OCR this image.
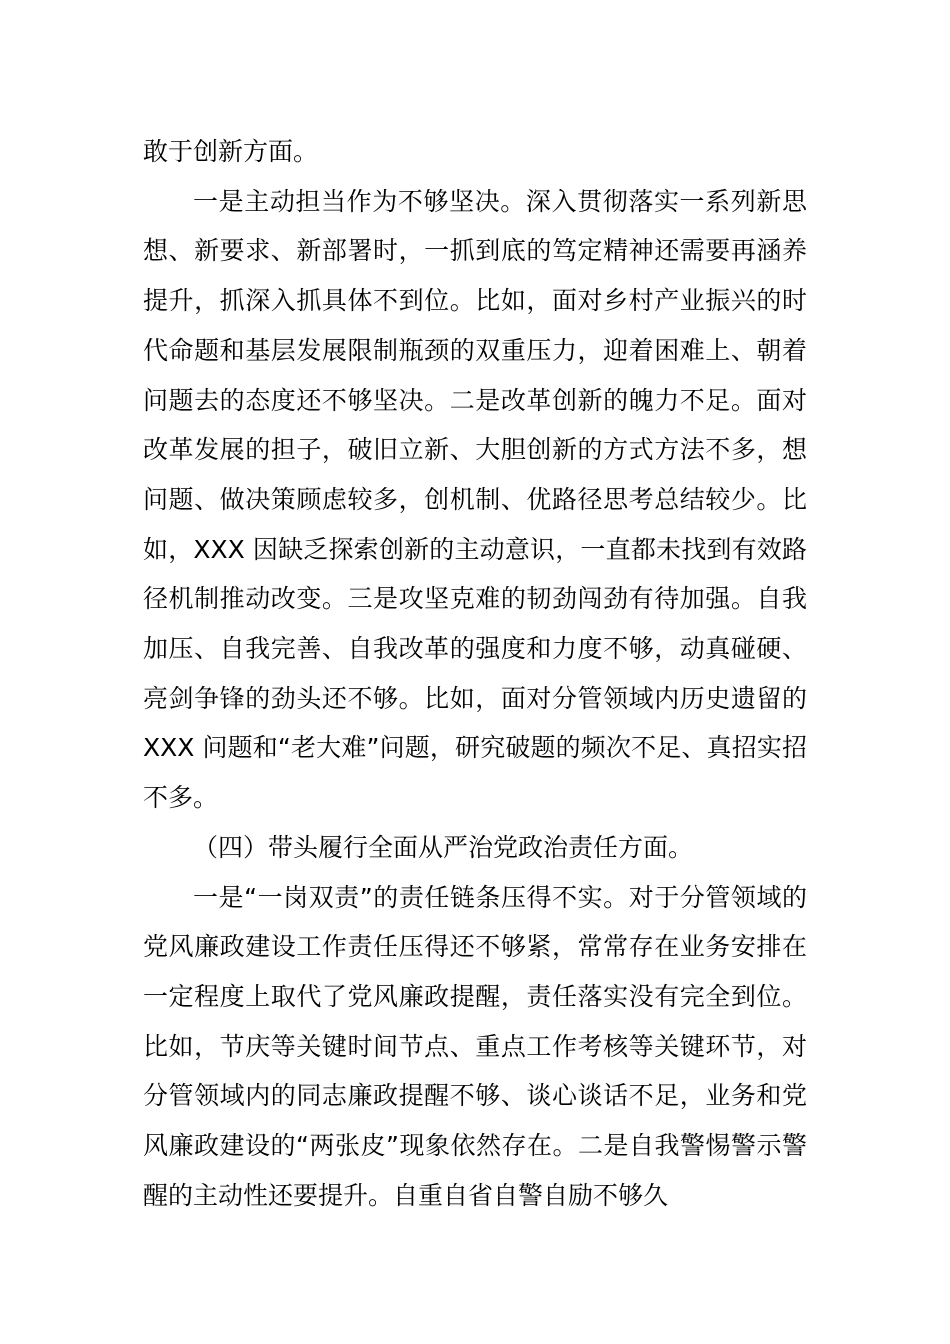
敢于创新方面。

一是主动担当作为不够坚决。深入贯彻落实一系列新思想、新要求、新部署时，一抓到底的笃定精神还需要再涵养提升，抓深入抓具体不到位。比如，面对乡村产业振兴的时代命题和基层发展限制瓶颈的双重压力，迎着困难上、朝着问题去的态度还不够坚决。二是改革创新的魄力不足。面对改革发展的担子，破旧立新、大胆创新的方式方法不多，想问题、做决策顾虑较多，创机制、优路径思考总结较少。比如，XXX 因缺乏探索创新的主动意识，一直都未找到有效路径机制推动改变。三是攻坚克难的韧劲闯劲有待加强。自我加压、自我完善、自我改革的强度和力度不够，动真碰硬、亮剑争锋的劲头还不够。比如，面对分管领域内历史遗留的 XXX 问题和“老大难”问题，研究破题的频次不足、真招实招不多。

（四）带头履行全面从严治党政治责任方面。

一是“一岗双责”的责任链条压得不实。对于分管领域的党风廉政建设工作责任压得还不够紧，常常存在业务安排在一定程度上取代了党风廉政提醒，责任落实没有完全到位。比如，节庆等关键时间节点、重点工作考核等关键环节，对分管领域内的同志廉政提醒不够、谈心谈话不足，业务和党风廉政建设的“两张皮”现象依然存在。二是自我警惕警示警醒的主动性还要提升。自重自省自警自励不够久
